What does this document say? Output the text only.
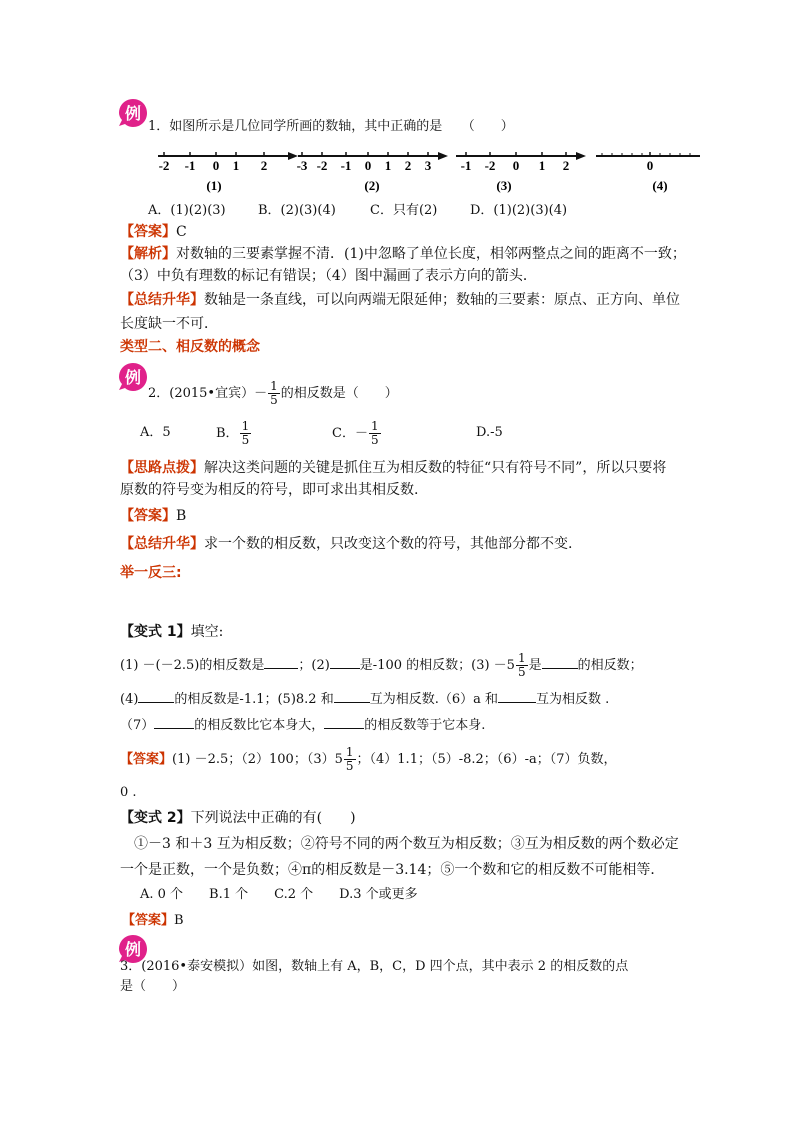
例
1．如图所示是几位同学所画的数轴，其中正确的是　　（　　）
-2 -1 0 1 2
(1)
-3 -2 -1 0 1 2 3
(2)
-1 -2 0 1 2
(3)
0
(4)
A．(1)(2)(3) B．(2)(3)(4)	C．只有(2)	D．(1)(2)(3)(4)
【答案】C
【解析】对数轴的三要素掌握不清．(1)中忽略了单位长度，相邻两整点之间的距离不一致；
（3）中负有理数的标记有错误；（4）图中漏画了表示方向的箭头．
【总结升华】数轴是一条直线，可以向两端无限延伸；数轴的三要素：原点、正方向、单位
长度缺一不可．
类型二、相反数的概念
例
2．(2015•宜宾）－ $\frac{1}{5}$ 的相反数是（　　）
A．5	B． $\frac{1}{5}$	C．－ $\frac{1}{5}$	D.-5
【思路点拨】解决这类问题的关键是抓住互为相反数的特征“只有符号不同”，所以只要将
原数的符号变为相反的符号，即可求出其相反数.
【答案】B
【总结升华】求一个数的相反数，只改变这个数的符号，其他部分都不变.
举一反三:
【变式 1】填空:
(1) －(－2.5)的相反数是	；(2) 是-100 的相反数；$(3) -5 \frac{1}{5}$ 是	的相反数；
(4)	的相反数是-1.1；(5)8.2 和	互为相反数.（6）a 和	互为相反数 .
（7）	的相反数比它本身大，	的相反数等于它本身.
【答案】(1) －2.5；（2）100；$(3)5 \frac{1}{5}$ ；（4）1.1；（5）-8.2；（6）-a；（7）负数，
0 .
【变式 2】下列说法中正确的有(　　)
①－3 和＋3 互为相反数；②符号不同的两个数互为相反数；③互为相反数的两个数必定
一个是正数，一个是负数；④π的相反数是－3.14；⑤一个数和它的相反数不可能相等．
A. 0 个　　B.1 个　　C.2 个　　D.3 个或更多
【答案】B
例
3．(2016•泰安模拟）如图，数轴上有 A，B，C，D 四个点，其中表示 2 的相反数的点
是（　　）
